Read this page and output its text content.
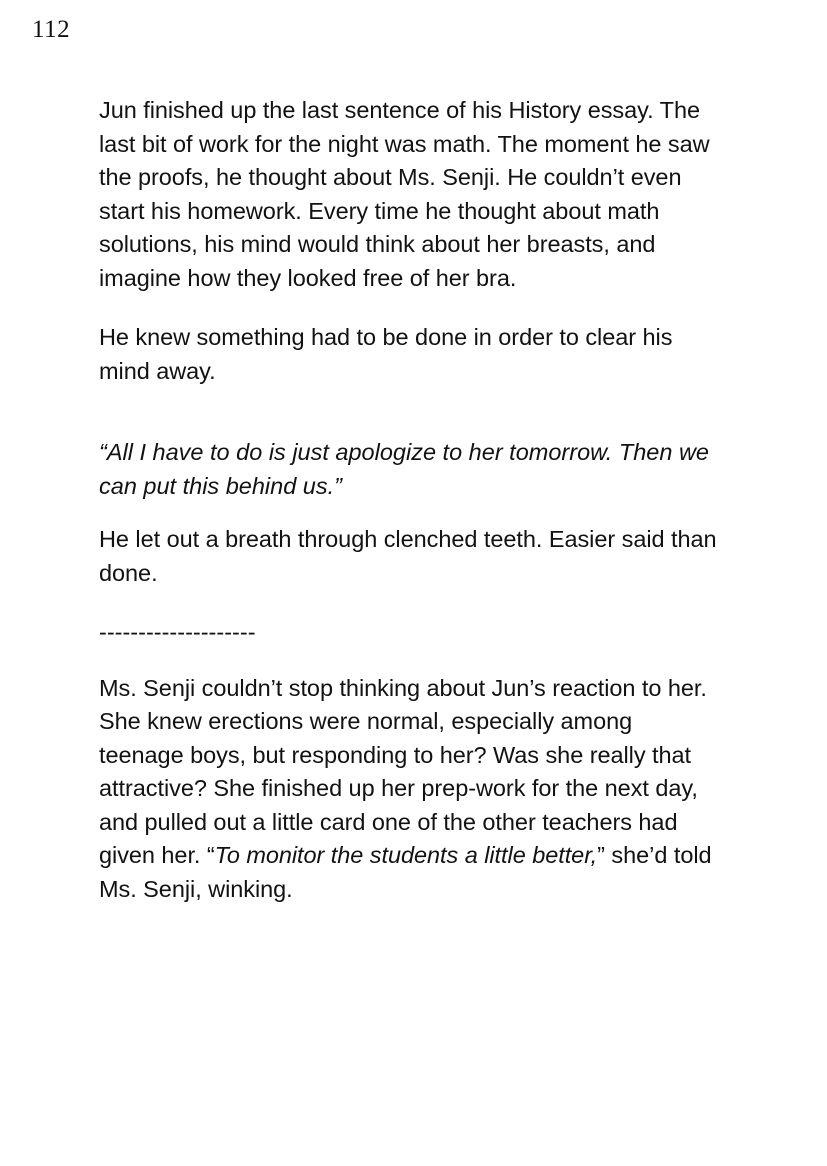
112

Jun finished up the last sentence of his History essay. The last bit of work for the night was math. The moment he saw the proofs, he thought about Ms. Senji. He couldn’t even start his homework. Every time he thought about math solutions, his mind would think about her breasts, and imagine how they looked free of her bra.

He knew something had to be done in order to clear his mind away.

“All I have to do is just apologize to her tomorrow. Then we can put this behind us.”

He let out a breath through clenched teeth. Easier said than done.

--------------------

Ms. Senji couldn’t stop thinking about Jun’s reaction to her. She knew erections were normal, especially among teenage boys, but responding to her? Was she really that attractive? She finished up her prep-work for the next day, and pulled out a little card one of the other teachers had given her. “To monitor the students a little better,” she’d told Ms. Senji, winking.
